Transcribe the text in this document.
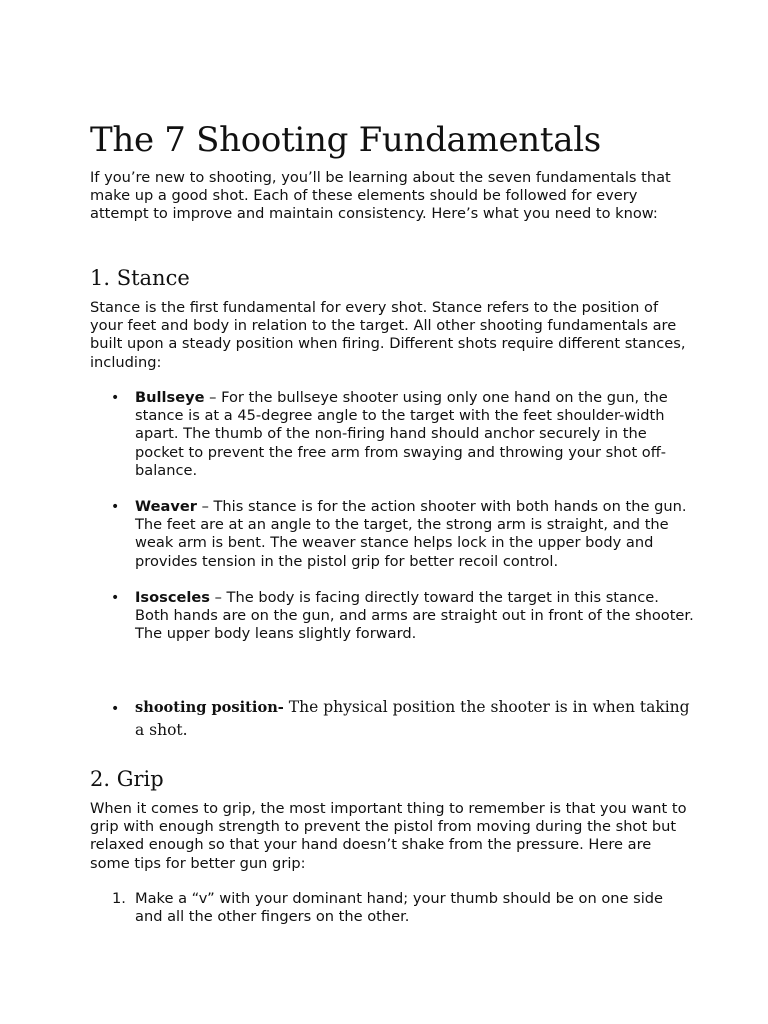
The 7 Shooting Fundamentals

If you’re new to shooting, you’ll be learning about the seven fundamentals that make up a good shot. Each of these elements should be followed for every attempt to improve and maintain consistency. Here’s what you need to know:

1. Stance

Stance is the first fundamental for every shot. Stance refers to the position of your feet and body in relation to the target. All other shooting fundamentals are built upon a steady position when firing. Different shots require different stances, including:

•

Bullseye – For the bullseye shooter using only one hand on the gun, the stance is at a 45-degree angle to the target with the feet shoulder-width apart. The thumb of the non-firing hand should anchor securely in the pocket to prevent the free arm from swaying and throwing your shot off-balance.

•

Weaver – This stance is for the action shooter with both hands on the gun. The feet are at an angle to the target, the strong arm is straight, and the weak arm is bent. The weaver stance helps lock in the upper body and provides tension in the pistol grip for better recoil control.

•

Isosceles – The body is facing directly toward the target in this stance. Both hands are on the gun, and arms are straight out in front of the shooter. The upper body leans slightly forward.

•

shooting position- The physical position the shooter is in when taking a shot.

2. Grip

When it comes to grip, the most important thing to remember is that you want to grip with enough strength to prevent the pistol from moving during the shot but relaxed enough so that your hand doesn’t shake from the pressure. Here are some tips for better gun grip:

1. Make a “v” with your dominant hand; your thumb should be on one side and all the other fingers on the other.
